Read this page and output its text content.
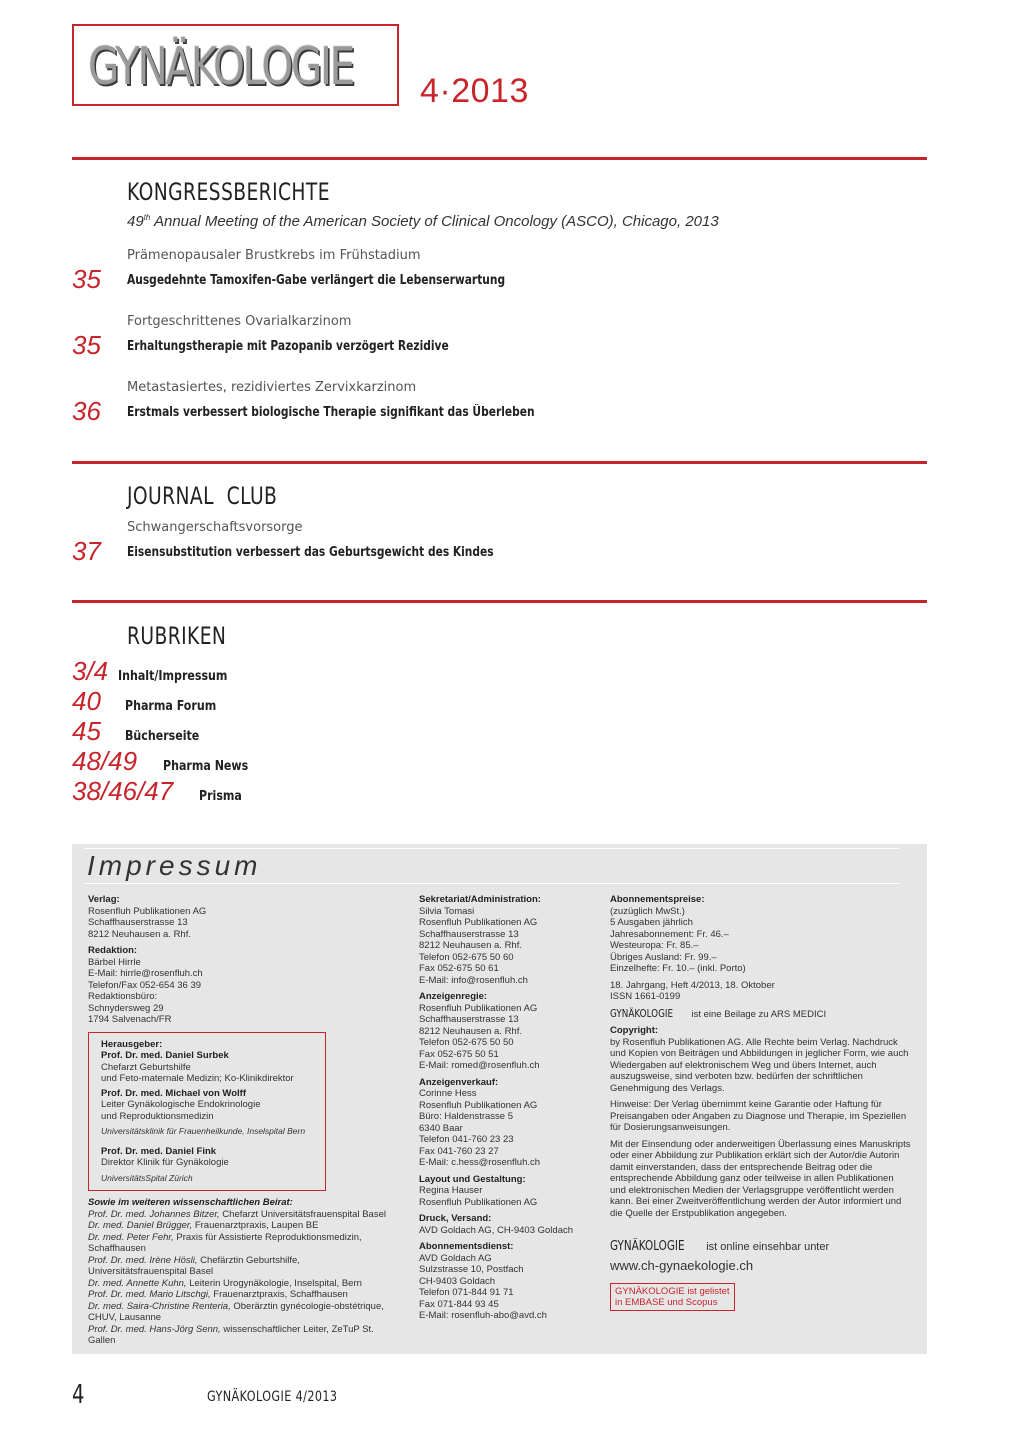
GYNÄKOLOGIE 4·2013
KONGRESSBERICHTE
49th Annual Meeting of the American Society of Clinical Oncology (ASCO), Chicago, 2013
Prämenopausaler Brustkrebs im Frühstadium
35 Ausgedehnte Tamoxifen-Gabe verlängert die Lebenserwartung
Fortgeschrittenes Ovarialkarzinom
35 Erhaltungstherapie mit Pazopanib verzögert Rezidive
Metastasiertes, rezidiviertes Zervixkarzinom
36 Erstmals verbessert biologische Therapie signifikant das Überleben
JOURNAL  CLUB
Schwangerschaftsvorsorge
37 Eisensubstitution verbessert das Geburtsgewicht des Kindes
RUBRIKEN
3/4 Inhalt/Impressum
40 Pharma Forum
45 Bücherseite
48/49 Pharma News
38/46/47 Prisma
Impressum
Verlag:
Rosenfluh Publikationen AG
Schaffhauserstrasse 13
8212 Neuhausen a. Rhf.
Redaktion:
Bärbel Hirrle
E-Mail: hirrle@rosenfluh.ch
Telefon/Fax 052-654 36 39
Redaktionsbüro:
Schnydersweg 29
1794 Salvenach/FR
Herausgeber:
Prof. Dr. med. Daniel Surbek
Chefarzt Geburtshilfe
und Feto-maternale Medizin; Ko-Klinikdirektor
Prof. Dr. med. Michael von Wolff
Leiter Gynäkologische Endokrinologie
und Reproduktionsmedizin
Universitätsklinik für Frauenheilkunde, Inselspital Bern
Prof. Dr. med. Daniel Fink
Direktor Klinik für Gynäkologie
UniversitätsSpital Zürich
Sowie im weiteren wissenschaftlichen Beirat:
Prof. Dr. med. Johannes Bitzer, Chefarzt Universitätsfrauenspital Basel
Dr. med. Daniel Brügger, Frauenarztpraxis, Laupen BE
Dr. med. Peter Fehr, Praxis für Assistierte Reproduktionsmedizin, Schaffhausen
Prof. Dr. med. Irène Hösli, Chefärztin Geburtshilfe, Universitätsfrauenspital Basel
Dr. med. Annette Kuhn, Leiterin Urogynäkologie, Inselspital, Bern
Prof. Dr. med. Mario Litschgi, Frauenarztpraxis, Schaffhausen
Dr. med. Saira-Christine Renteria, Oberärztin gynécologie-obstétrique, CHUV, Lausanne
Prof. Dr. med. Hans-Jörg Senn, wissenschaftlicher Leiter, ZeTuP St. Gallen
Sekretariat/Administration:
Silvia Tomasi
Rosenfluh Publikationen AG
Schaffhauserstrasse 13
8212 Neuhausen a. Rhf.
Telefon 052-675 50 60
Fax 052-675 50 61
E-Mail: info@rosenfluh.ch
Anzeigenregie:
Rosenfluh Publikationen AG
Schaffhauserstrasse 13
8212 Neuhausen a. Rhf.
Telefon 052-675 50 50
Fax 052-675 50 51
E-Mail: romed@rosenfluh.ch
Anzeigenverkauf:
Corinne Hess
Rosenfluh Publikationen AG
Büro: Haldenstrasse 5
6340 Baar
Telefon 041-760 23 23
Fax 041-760 23 27
E-Mail: c.hess@rosenfluh.ch
Layout und Gestaltung:
Regina Hauser
Rosenfluh Publikationen AG
Druck, Versand:
AVD Goldach AG, CH-9403 Goldach
Abonnementsdienst:
AVD Goldach AG
Sulzstrasse 10, Postfach
CH-9403 Goldach
Telefon 071-844 91 71
Fax 071-844 93 45
E-Mail: rosenfluh-abo@avd.ch
Abonnementspreise:
(zuzüglich MwSt.)
5 Ausgaben jährlich
Jahresabonnement: Fr. 46.–
Westeuropa: Fr. 85.–
Übriges Ausland: Fr. 99.–
Einzelhefte: Fr. 10.– (inkl. Porto)
18. Jahrgang, Heft 4/2013, 18. Oktober
ISSN 1661-0199
GYNÄKOLOGIE ist eine Beilage zu ARS MEDICI
Copyright:
by Rosenfluh Publikationen AG. Alle Rechte beim Verlag. Nachdruck und Kopien von Beiträgen und Abbildungen in jeglicher Form, wie auch Wiedergaben auf elektronischem Weg und übers Internet, auch auszugsweise, sind verboten bzw. bedürfen der schriftlichen Genehmigung des Verlags.
Hinweise: Der Verlag übernimmt keine Garantie oder Haftung für Preisangaben oder Angaben zu Diagnose und Therapie, im Speziellen für Dosierungsanweisungen.
Mit der Einsendung oder anderweitigen Überlassung eines Manuskripts oder einer Abbildung zur Publikation erklärt sich der Autor/die Autorin damit einverstanden, dass der entsprechende Beitrag oder die entsprechende Abbildung ganz oder teilweise in allen Publikationen und elektronischen Medien der Verlagsgruppe veröffentlicht werden kann. Bei einer Zweitveröffentlichung werden der Autor informiert und die Quelle der Erstpublikation angegeben.
GYNÄKOLOGIE ist online einsehbar unter
www.ch-gynaekologie.ch
GYNÄKOLOGIE ist gelistet
in EMBASE und Scopus
4	GYNÄKOLOGIE 4/2013
